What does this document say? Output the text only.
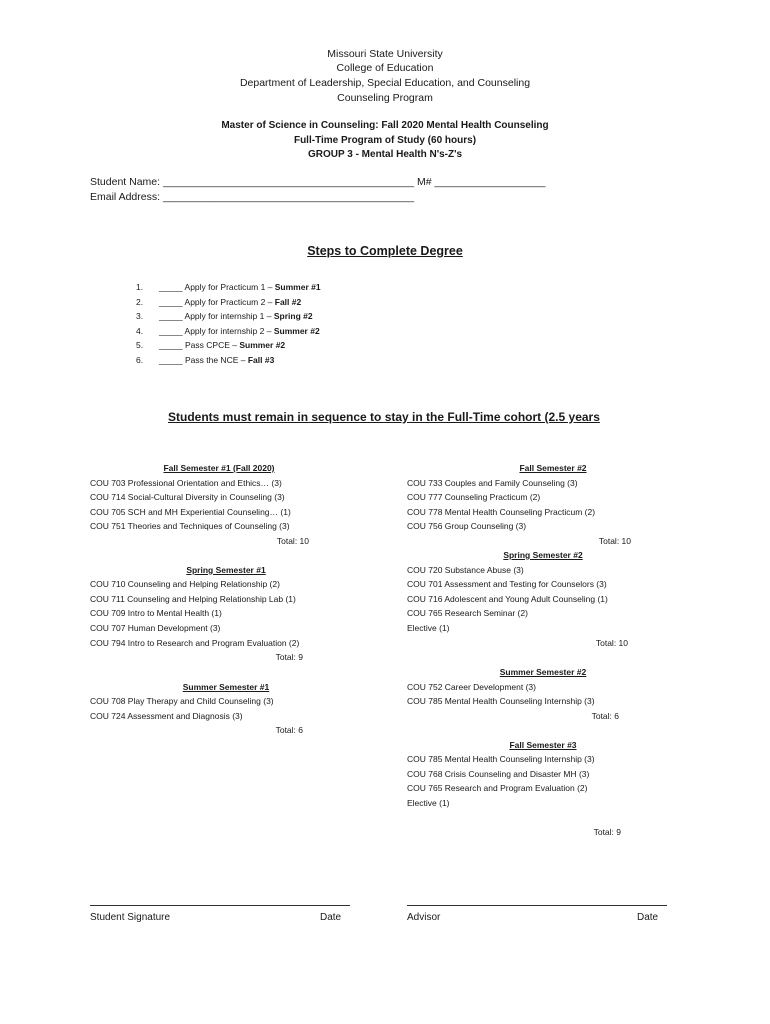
Missouri State University
College of Education
Department of Leadership, Special Education, and Counseling
Counseling Program
Master of Science in Counseling: Fall 2020 Mental Health Counseling
Full-Time Program of Study (60 hours)
GROUP 3 - Mental Health N's-Z's
Student Name: ___________________________________________ M# ___________________
Email Address: ___________________________________________
Steps to Complete Degree
1. _____ Apply for Practicum 1 – Summer #1
2. _____ Apply for Practicum 2 – Fall #2
3. _____ Apply for internship 1 – Spring #2
4. _____ Apply for internship 2 – Summer #2
5. _____ Pass CPCE – Summer #2
6. _____ Pass the NCE – Fall #3
Students must remain in sequence to stay in the Full-Time cohort (2.5 years
Fall Semester #1 (Fall 2020)
COU 703 Professional Orientation and Ethics… (3)
COU 714 Social-Cultural Diversity in Counseling (3)
COU 705 SCH and MH Experiential Counseling… (1)
COU 751 Theories and Techniques of Counseling (3)
Total: 10
Spring Semester #1
COU 710 Counseling and Helping Relationship (2)
COU 711 Counseling and Helping Relationship Lab (1)
COU 709 Intro to Mental Health (1)
COU 707 Human Development (3)
COU 794 Intro to Research and Program Evaluation (2)
Total: 9
Summer Semester #1
COU 708 Play Therapy and Child Counseling (3)
COU 724 Assessment and Diagnosis (3)
Total: 6
Fall Semester #2
COU 733 Couples and Family Counseling (3)
COU 777 Counseling Practicum (2)
COU 778 Mental Health Counseling Practicum (2)
COU 756 Group Counseling (3)
Total: 10
Spring Semester #2
COU 720 Substance Abuse (3)
COU 701 Assessment and Testing for Counselors (3)
COU 716 Adolescent and Young Adult Counseling (1)
COU 765 Research Seminar (2)
Elective (1)
Total: 10
Summer Semester #2
COU 752 Career Development (3)
COU 785 Mental Health Counseling Internship (3)
Total: 6
Fall Semester #3
COU 785 Mental Health Counseling Internship (3)
COU 768 Crisis Counseling and Disaster MH (3)
COU 765 Research and Program Evaluation (2)
Elective (1)
Total: 9
Student Signature	Date	Advisor	Date
